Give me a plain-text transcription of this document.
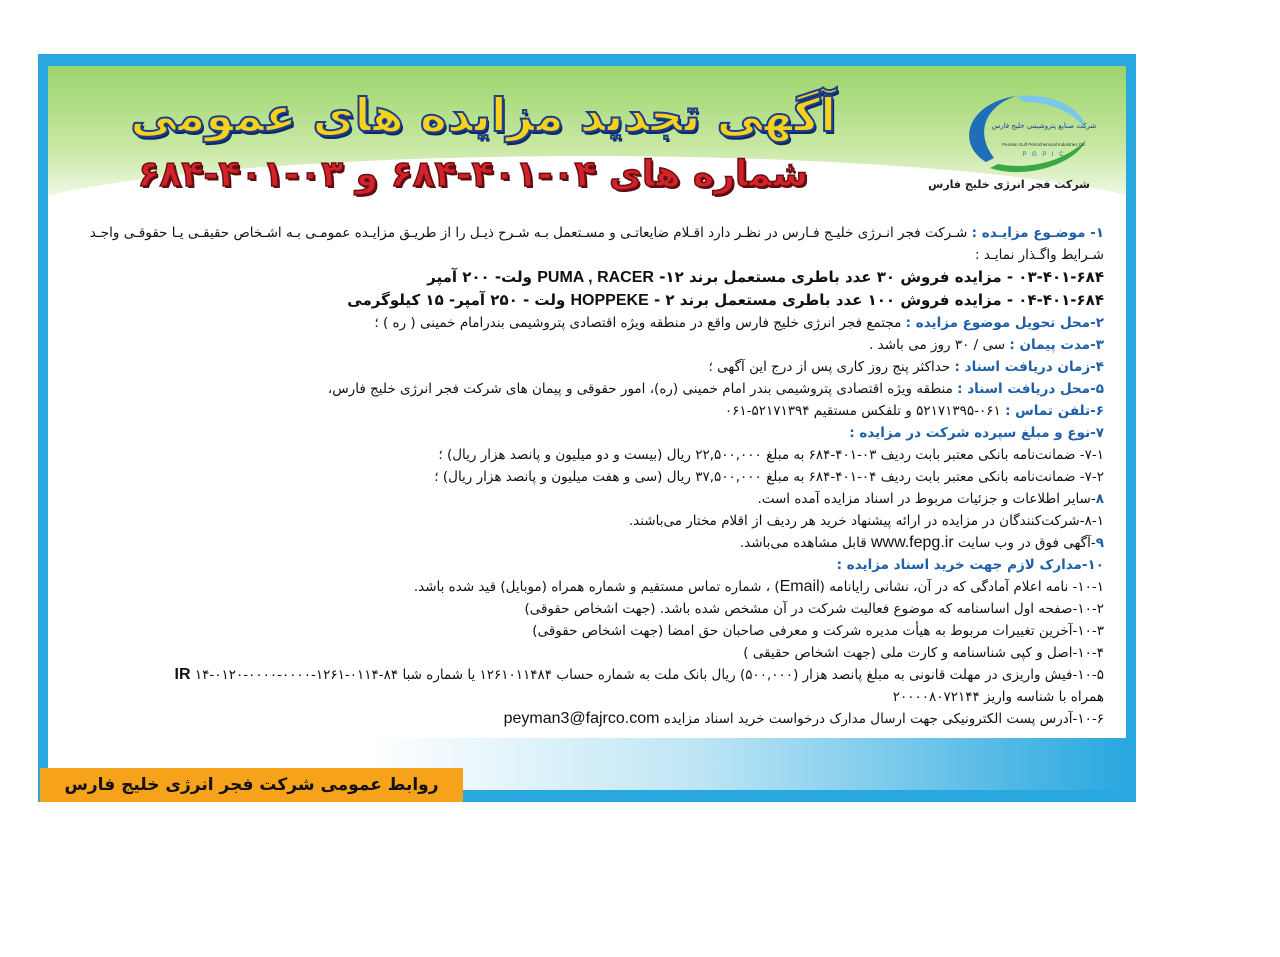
آگهی تجدید مزایده های عمومی
شماره های ۰۴-۴۰۱-۶۸۴ و ۰۳-۴۰۱-۶۸۴
شرکت صنایع پتروشیمی خلیج فارس
Persian Gulf Petrochemical Industries Co.
P G P I C
شرکت فجر انرژی خلیج فارس
۱- موضـوع مزایـده : شـرکت فجر انـرژی خلیـج فـارس در نظـر دارد اقـلام ضایعاتـی و مسـتعمل بـه شـرح ذیـل را از طریـق مزایـده عمومـی بـه اشـخاص حقیقـی یـا حقوقـی واجـد شـرایط واگـذار نمایـد :
۰۳-۴۰۱-۶۸۴ - مزایده فروش ۳۰ عدد باطری مستعمل برند PUMA , RACER -۱۲ ولت- ۲۰۰ آمپر
۰۴-۴۰۱-۶۸۴ - مزایده فروش ۱۰۰ عدد باطری مستعمل برند HOPPEKE - ۲ ولت - ۲۵۰ آمپر- ۱۵ کیلوگرمی
۲-محل تحویل موضوع مزایده : مجتمع فجر انرژی خلیج فارس واقع در منطقه ویژه اقتصادی پتروشیمی بندرامام خمینی ( ره ) ؛
۳-مدت پیمان : سی / ۳۰ روز می باشد .
۴-زمان دریافت اسناد : حداکثر پنج روز کاری پس از درج این آگهی ؛
۵-محل دریافت اسناد : منطقه ویژه اقتصادی پتروشیمی بندر امام خمینی (ره)، امور حقوقی و پیمان های شرکت فجر انرژی خلیج فارس،
۶-تلفن تماس : ۰۶۱-۵۲۱۷۱۳۹۵ و تلفکس مستقیم ۵۲۱۷۱۳۹۴-۰۶۱
۷-نوع و مبلغ سپرده شرکت در مزایده :
۷-۱- ضمانت‌نامه بانکی معتبر بابت ردیف ۰۳-۴۰۱-۶۸۴ به مبلغ ۲۲,۵۰۰,۰۰۰ ریال (بیست و دو میلیون و پانصد هزار ریال) ؛
۷-۲- ضمانت‌نامه بانکی معتبر بابت ردیف ۰۴-۴۰۱-۶۸۴ به مبلغ ۳۷,۵۰۰,۰۰۰ ریال (سی و هفت میلیون و پانصد هزار ریال) ؛
۸-سایر اطلاعات و جزئیات مربوط در اسناد مزایده آمده است.
۸-۱-شرکت‌کنندگان در مزایده در ارائه پیشنهاد خرید هر ردیف از اقلام مختار می‌باشند.
۹-آگهی فوق در وب سایت www.fepg.ir قابل مشاهده می‌باشد.
۱۰-مدارک لازم جهت خرید اسناد مزایده :
۱۰-۱- نامه اعلام آمادگی که در آن، نشانی رایانامه (Email) ، شماره تماس مستقیم و شماره همراه (موبایل) قید شده باشد.
۱۰-۲-صفحه اول اساسنامه که موضوع فعالیت شرکت در آن مشخص شده باشد. (جهت اشخاص حقوقی)
۱۰-۳-آخرین تغییرات مربوط به هیأت مدیره شرکت و معرفی صاحبان حق امضا (جهت اشخاص حقوقی)
۱۰-۴-اصل و کپی شناسنامه و کارت ملی (جهت اشخاص حقیقی )
۱۰-۵-فیش واریزی در مهلت قانونی به مبلغ پانصد هزار (۵۰۰,۰۰۰) ریال بانک ملت به شماره حساب ۱۲۶۱۰۱۱۴۸۴ یا شماره شبا ۸۴-۰۱۱۴-۱۲۶۱-۰۰۰۰-۰۰۰۰-۰۱۲۰-۱۴ IR
همراه با شناسه واریز ۲۰۰۰۰۸۰۷۲۱۴۴
۱۰-۶-آدرس پست الکترونیکی جهت ارسال مدارک درخواست خرید اسناد مزایده peyman3@fajrco.com
روابط عمومی شرکت فجر انرژی خلیج فارس
